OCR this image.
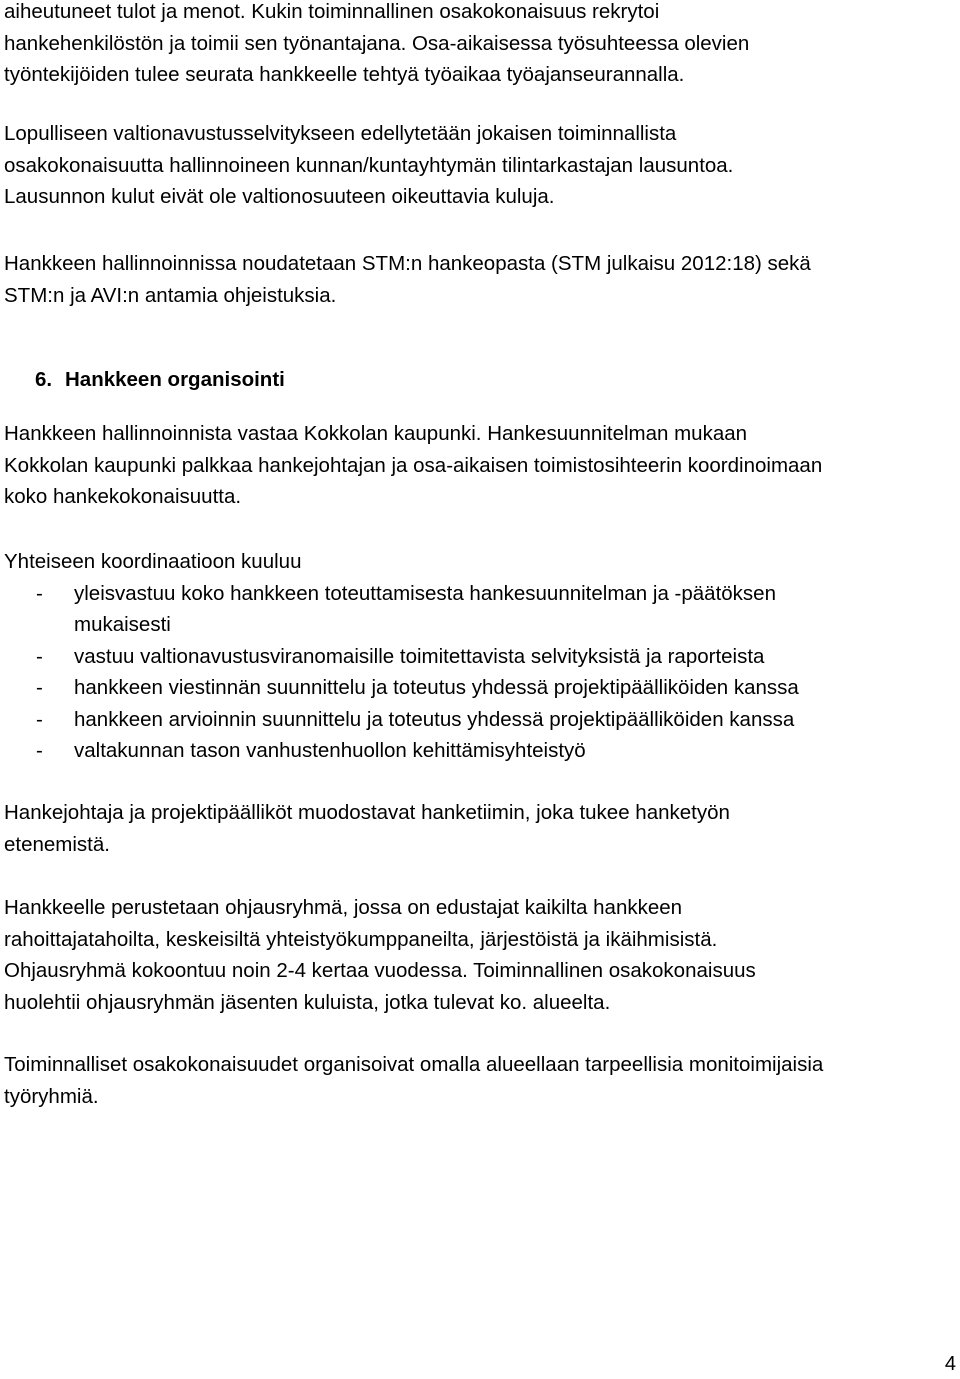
aiheutuneet tulot ja menot. Kukin toiminnallinen osakokonaisuus rekrytoi
hankehenkilöstön ja toimii sen työnantajana. Osa-aikaisessa työsuhteessa olevien
työntekijöiden tulee seurata hankkeelle tehtyä työaikaa työajanseurannalla.
Lopulliseen valtionavustusselvitykseen edellytetään jokaisen toiminnallista
osakokonaisuutta hallinnoineen kunnan/kuntayhtymän tilintarkastajan lausuntoa.
Lausunnon kulut eivät ole valtionosuuteen oikeuttavia kuluja.
Hankkeen hallinnoinnissa noudatetaan STM:n hankeopasta (STM julkaisu 2012:18) sekä
STM:n ja AVI:n antamia ohjeistuksia.
6. Hankkeen organisointi
Hankkeen hallinnoinnista vastaa Kokkolan kaupunki. Hankesuunnitelman mukaan
Kokkolan kaupunki palkkaa hankejohtajan ja osa-aikaisen toimistosihteerin koordinoimaan
koko hankekokonaisuutta.
Yhteiseen koordinaatioon kuuluu
- yleisvastuu koko hankkeen toteuttamisesta hankesuunnitelman ja -päätöksen
mukaisesti
- vastuu valtionavustusviranomaisille toimitettavista selvityksistä ja raporteista
- hankkeen viestinnän suunnittelu ja toteutus yhdessä projektipäälliköiden kanssa
- hankkeen arvioinnin suunnittelu ja toteutus yhdessä projektipäälliköiden kanssa
- valtakunnan tason vanhustenhuollon kehittämisyhteistyö
Hankejohtaja ja projektipäälliköt muodostavat hanketiimin, joka tukee hanketyön
etenemistä.
Hankkeelle perustetaan ohjausryhmä, jossa on edustajat kaikilta hankkeen
rahoittajatahoilta, keskeisiltä yhteistyökumppaneilta, järjestöistä ja ikäihmisistä.
Ohjausryhmä kokoontuu noin 2-4 kertaa vuodessa. Toiminnallinen osakokonaisuus
huolehtii ohjausryhmän jäsenten kuluista, jotka tulevat ko. alueelta.
Toiminnalliset osakokonaisuudet organisoivat omalla alueellaan tarpeellisia monitoimijaisia
työryhmiä.
4
